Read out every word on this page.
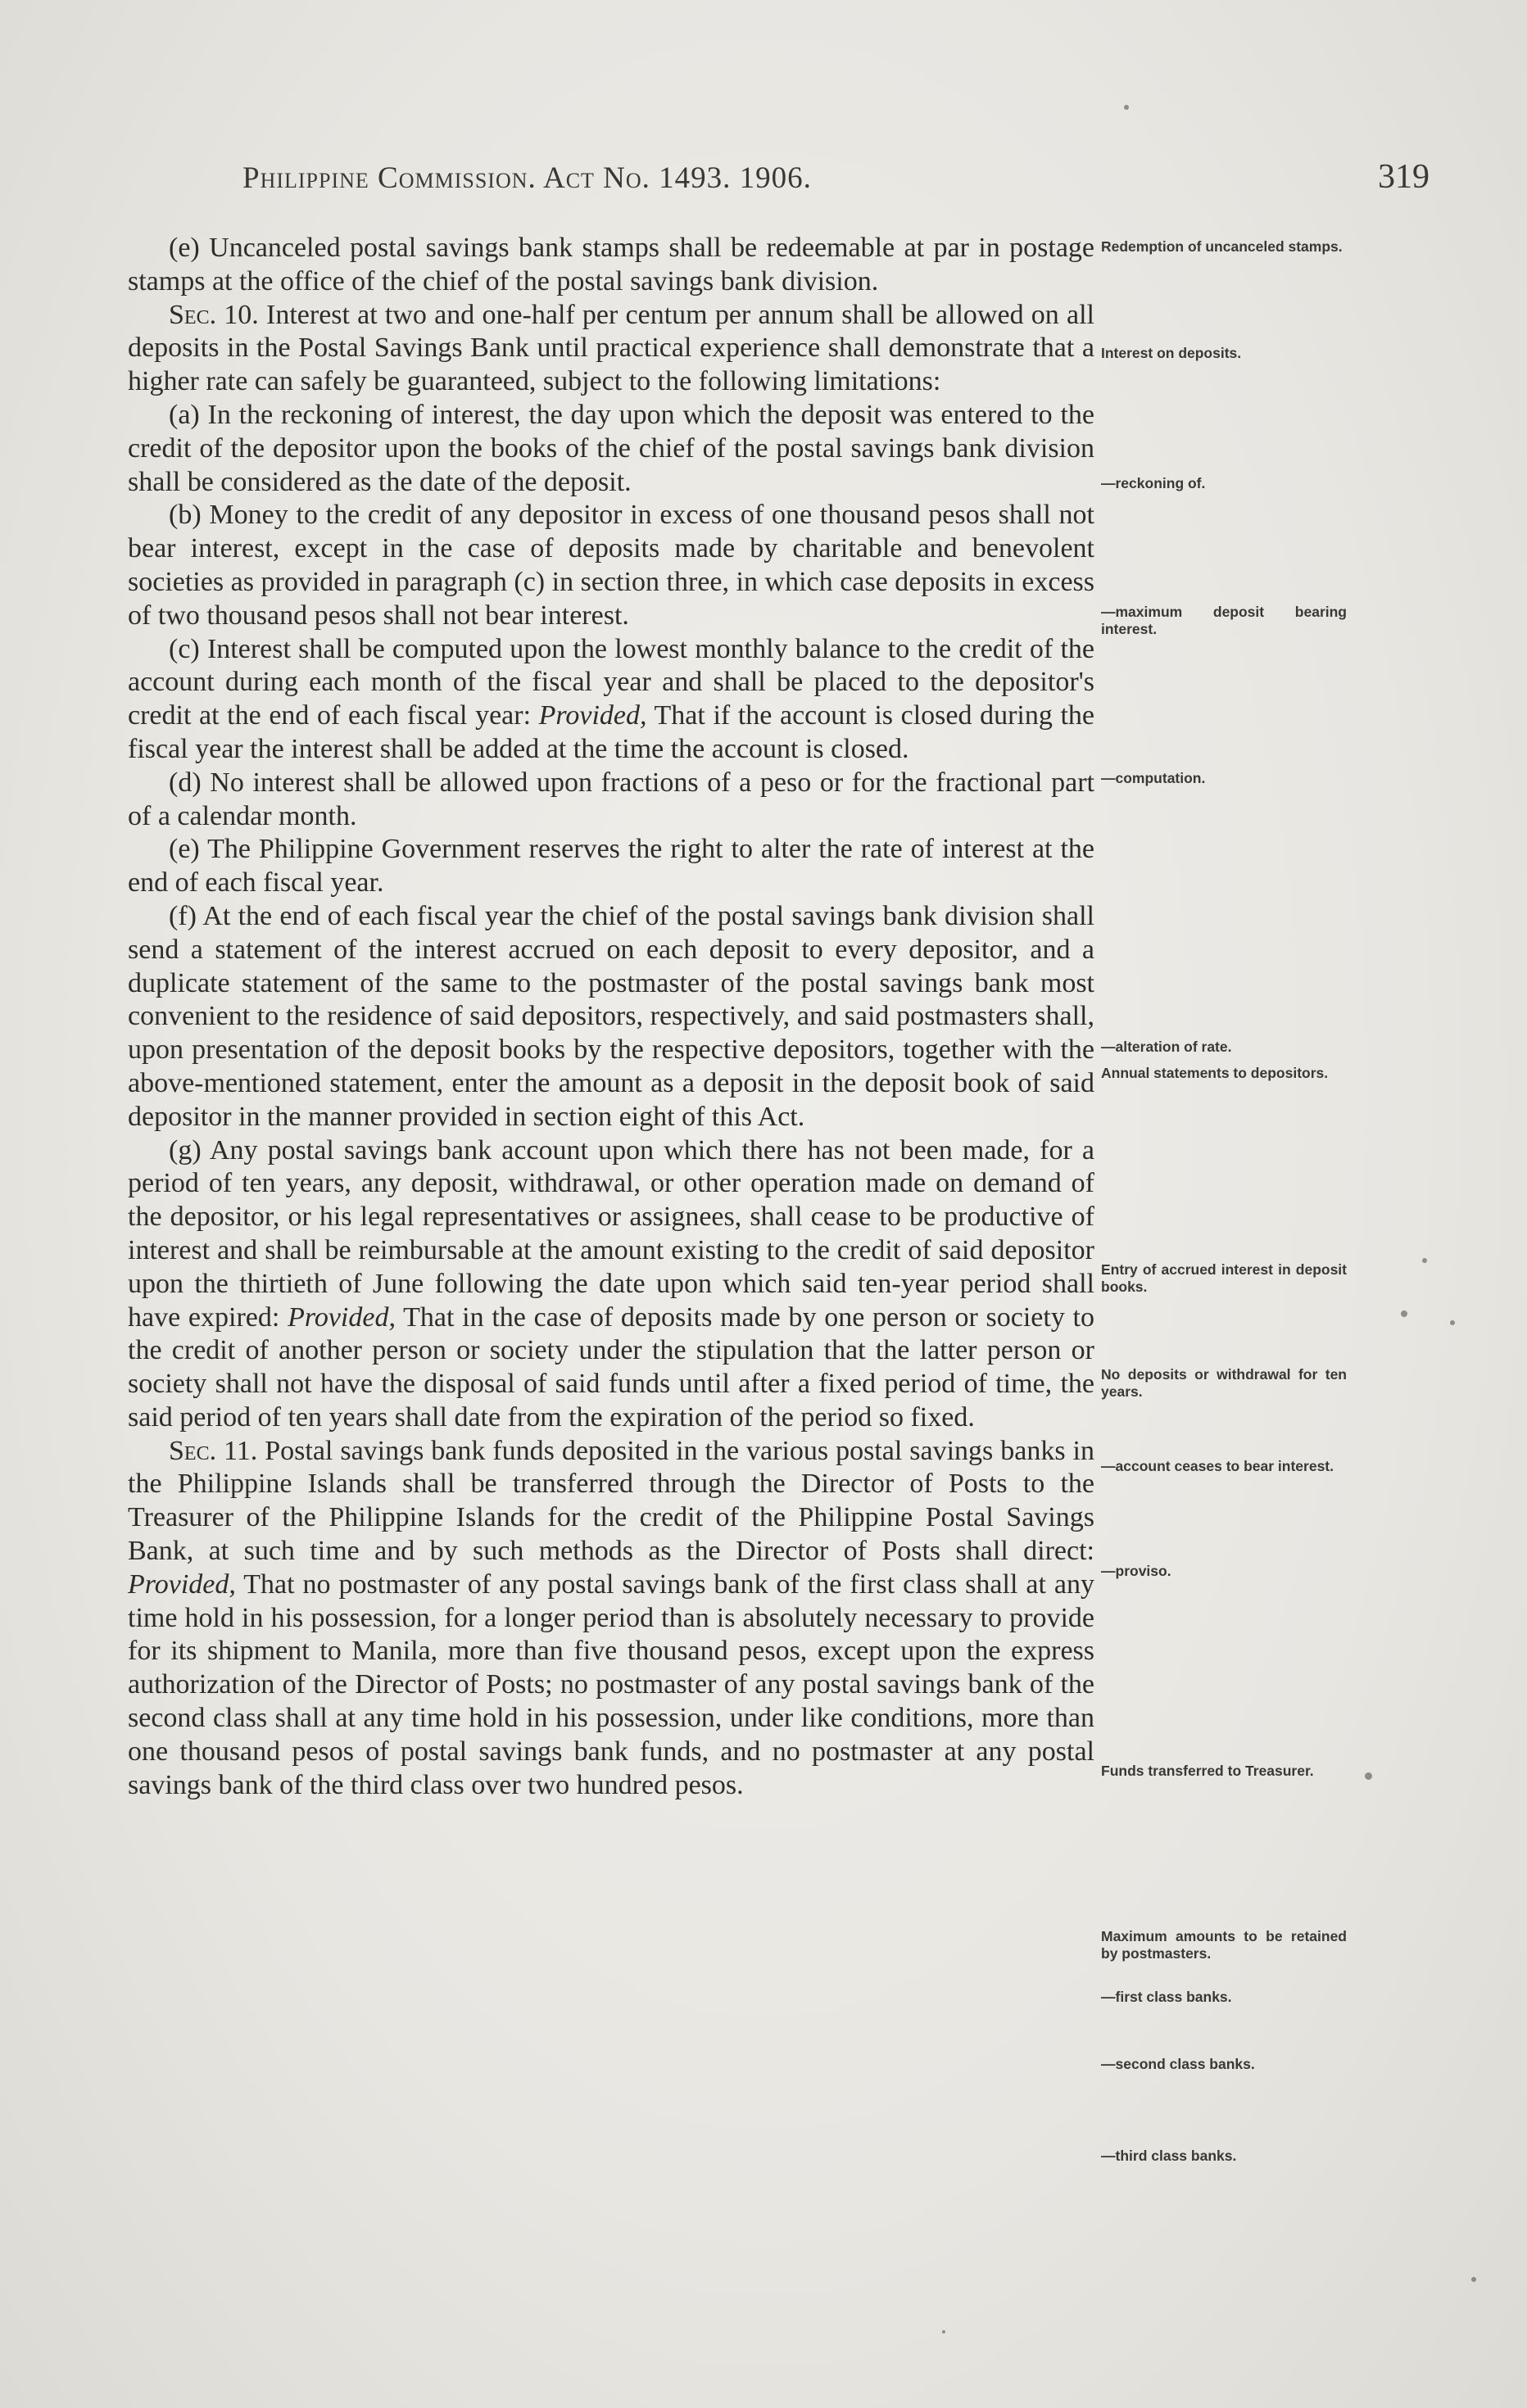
Philippine Commission. Act No. 1493. 1906.	319

(e) Uncanceled postal savings bank stamps shall be redeemable at par in postage stamps at the office of the chief of the postal savings bank division.

Sec. 10. Interest at two and one-half per centum per annum shall be allowed on all deposits in the Postal Savings Bank until practical experience shall demonstrate that a higher rate can safely be guaranteed, subject to the following limitations:

(a) In the reckoning of interest, the day upon which the deposit was entered to the credit of the depositor upon the books of the chief of the postal savings bank division shall be considered as the date of the deposit.

(b) Money to the credit of any depositor in excess of one thousand pesos shall not bear interest, except in the case of deposits made by charitable and benevolent societies as provided in paragraph (c) in section three, in which case deposits in excess of two thousand pesos shall not bear interest.

(c) Interest shall be computed upon the lowest monthly balance to the credit of the account during each month of the fiscal year and shall be placed to the depositor's credit at the end of each fiscal year: Provided, That if the account is closed during the fiscal year the interest shall be added at the time the account is closed.

(d) No interest shall be allowed upon fractions of a peso or for the fractional part of a calendar month.

(e) The Philippine Government reserves the right to alter the rate of interest at the end of each fiscal year.

(f) At the end of each fiscal year the chief of the postal savings bank division shall send a statement of the interest accrued on each deposit to every depositor, and a duplicate statement of the same to the postmaster of the postal savings bank most convenient to the residence of said depositors, respectively, and said postmasters shall, upon presentation of the deposit books by the respective depositors, together with the above-mentioned statement, enter the amount as a deposit in the deposit book of said depositor in the manner provided in section eight of this Act.

(g) Any postal savings bank account upon which there has not been made, for a period of ten years, any deposit, withdrawal, or other operation made on demand of the depositor, or his legal representatives or assignees, shall cease to be productive of interest and shall be reimbursable at the amount existing to the credit of said depositor upon the thirtieth of June following the date upon which said ten-year period shall have expired: Provided, That in the case of deposits made by one person or society to the credit of another person or society under the stipulation that the latter person or society shall not have the disposal of said funds until after a fixed period of time, the said period of ten years shall date from the expiration of the period so fixed.

Sec. 11. Postal savings bank funds deposited in the various postal savings banks in the Philippine Islands shall be transferred through the Director of Posts to the Treasurer of the Philippine Islands for the credit of the Philippine Postal Savings Bank, at such time and by such methods as the Director of Posts shall direct: Provided, That no postmaster of any postal savings bank of the first class shall at any time hold in his possession, for a longer period than is absolutely necessary to provide for its shipment to Manila, more than five thousand pesos, except upon the express authorization of the Director of Posts; no postmaster of any postal savings bank of the second class shall at any time hold in his possession, under like conditions, more than one thousand pesos of postal savings bank funds, and no postmaster at any postal savings bank of the third class over two hundred pesos.

Redemption of uncanceled stamps.
Interest on deposits.
—reckoning of.
—maximum deposit bearing interest.
—computation.
—alteration of rate.
Annual statements to depositors.
Entry of accrued interest in deposit books.
No deposits or withdrawal for ten years.
—account ceases to bear interest.
—proviso.
Funds transferred to Treasurer.
Maximum amounts to be retained by postmasters.
—first class banks.
—second class banks.
—third class banks.
